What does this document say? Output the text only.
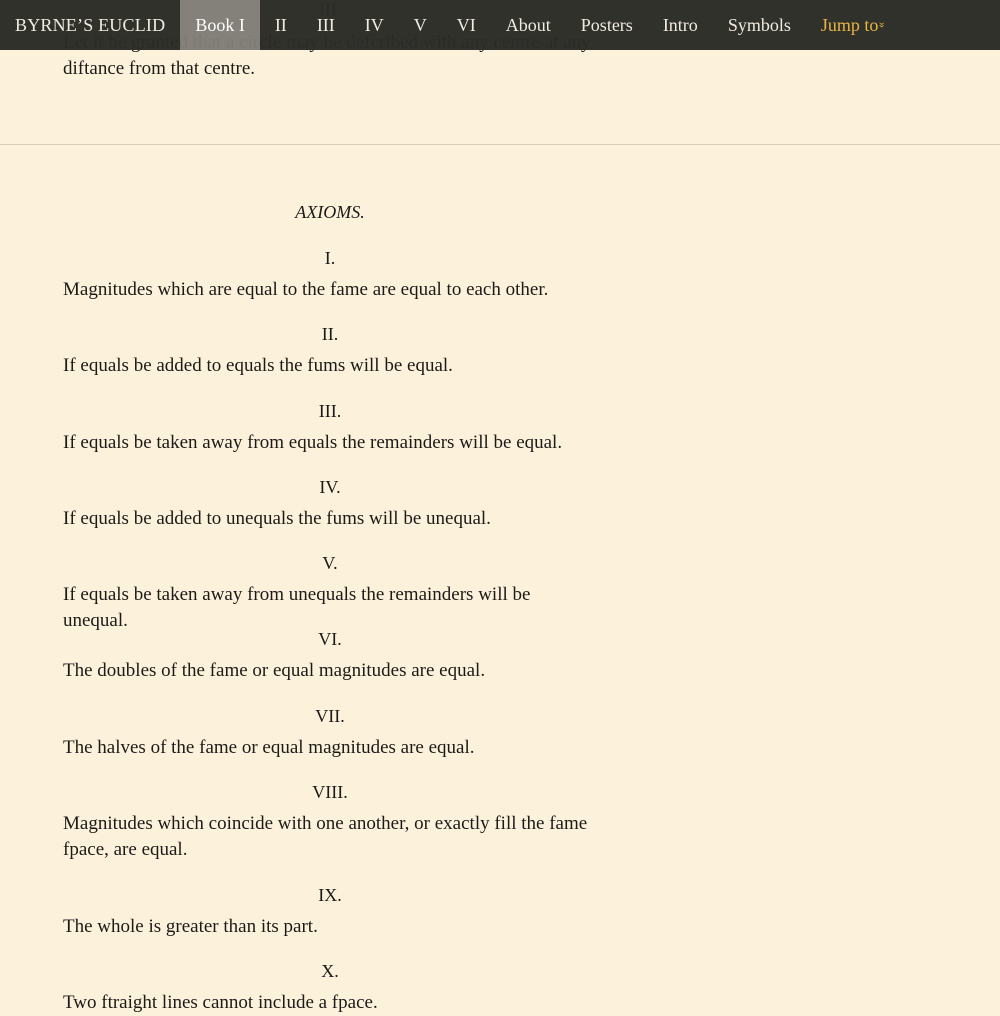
diftance from that centre.
AXIOMS.
I.
Magnitudes which are equal to the fame are equal to each other.
II.
If equals be added to equals the fums will be equal.
III.
If equals be taken away from equals the remainders will be equal.
IV.
If equals be added to unequals the fums will be unequal.
V.
If equals be taken away from unequals the remainders will be unequal.
VI.
The doubles of the fame or equal magnitudes are equal.
VII.
The halves of the fame or equal magnitudes are equal.
VIII.
Magnitudes which coincide with one another, or exactly fill the fame fpace, are equal.
IX.
The whole is greater than its part.
X.
Two ftraight lines cannot include a fpace.
BYRNE’S EUCLID	Book I	II	III	IV	V	VI	About	Posters	Intro	Symbols	Jump to»
